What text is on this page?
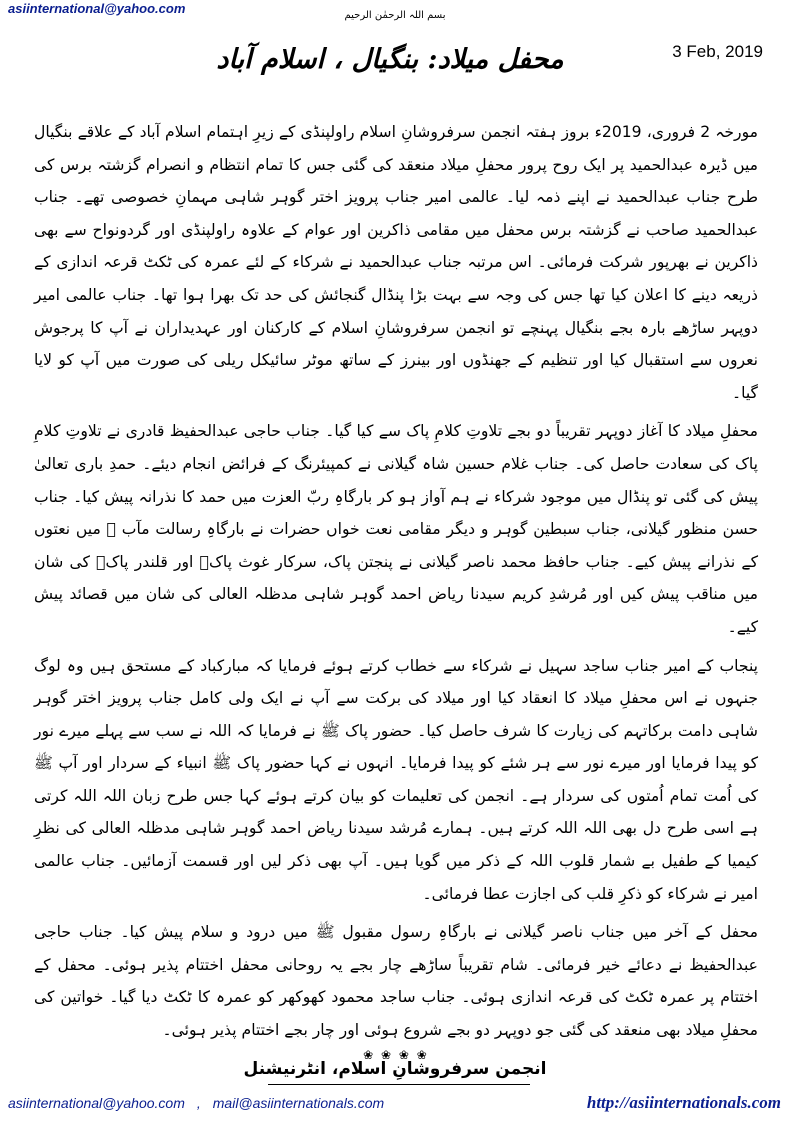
asiinternational@yahoo.com	بسم اللہ الرحمٰن الرحیم
3 Feb, 2019
محفل میلاد: بنگیال ، اسلام آباد

مورخہ 2 فروری، 2019ء بروز ہفتہ انجمن سرفروشانِ اسلام راولپنڈی کے زیرِ اہتمام اسلام آباد کے علاقے بنگیال میں ڈیرہ عبدالحمید پر ایک روح پرور محفلِ میلاد منعقد کی گئی جس کا تمام انتظام و انصرام گزشتہ برس کی طرح جناب عبدالحمید نے اپنے ذمہ لیا۔ عالمی امیر جناب پرویز اختر گوہر شاہی مہمانِ خصوصی تھے۔ جناب عبدالحمید صاحب نے گزشتہ برس محفل میں مقامی ذاکرین اور عوام کے علاوہ راولپنڈی اور گردونواح سے بھی ذاکرین نے بھرپور شرکت فرمائی۔ اس مرتبہ جناب عبدالحمید نے شرکاء کے لئے عمرہ کی ٹکٹ قرعہ اندازی کے ذریعہ دینے کا اعلان کیا تھا جس کی وجہ سے بہت بڑا پنڈال گنجائش کی حد تک بھرا ہوا تھا۔ جناب عالمی امیر دوپہر ساڑھے بارہ بجے بنگیال پہنچے تو انجمن سرفروشانِ اسلام کے کارکنان اور عہدیداران نے آپ کا پرجوش نعروں سے استقبال کیا اور تنظیم کے جھنڈوں اور بینرز کے ساتھ موٹر سائیکل ریلی کی صورت میں آپ کو لایا گیا۔

محفلِ میلاد کا آغاز دوپہر تقریباً دو بجے تلاوتِ کلامِ پاک سے کیا گیا۔ جناب حاجی عبدالحفیظ قادری نے تلاوتِ کلامِ پاک کی سعادت حاصل کی۔ جناب غلام حسین شاہ گیلانی نے کمپیئرنگ کے فرائض انجام دیئے۔ حمدِ باری تعالیٰ پیش کی گئی تو پنڈال میں موجود شرکاء نے ہم آواز ہو کر بارگاہِ ربّ العزت میں حمد کا نذرانہ پیش کیا۔ جناب حسن منظور گیلانی، جناب سبطین گوہر و دیگر مقامی نعت خواں حضرات نے بارگاہِ رسالت مآب ﷺ میں نعتوں کے نذرانے پیش کیے۔ جناب حافظ محمد ناصر گیلانی نے پنجتن پاک، سرکار غوث پاکؓ اور قلندر پاکؒ کی شان میں مناقب پیش کیں اور مُرشدِ کریم سیدنا ریاض احمد گوہر شاہی مدظلہ العالی کی شان میں قصائد پیش کیے۔

پنجاب کے امیر جناب ساجد سہیل نے شرکاء سے خطاب کرتے ہوئے فرمایا کہ مبارکباد کے مستحق ہیں وہ لوگ جنہوں نے اس محفلِ میلاد کا انعقاد کیا اور میلاد کی برکت سے آپ نے ایک ولی کامل جناب پرویز اختر گوہر شاہی دامت برکاتہم کی زیارت کا شرف حاصل کیا۔ حضور پاک ﷺ نے فرمایا کہ اللہ نے سب سے پہلے میرے نور کو پیدا فرمایا اور میرے نور سے ہر شئے کو پیدا فرمایا۔ انہوں نے کہا حضور پاک ﷺ انبیاء کے سردار اور آپ ﷺ کی اُمت تمام اُمتوں کی سردار ہے۔ انجمن کی تعلیمات کو بیان کرتے ہوئے کہا جس طرح زبان اللہ اللہ کرتی ہے اسی طرح دل بھی اللہ اللہ کرتے ہیں۔ ہمارے مُرشد سیدنا ریاض احمد گوہر شاہی مدظلہ العالی کی نظرِ کیمیا کے طفیل بے شمار قلوب اللہ کے ذکر میں گویا ہیں۔ آپ بھی ذکر لیں اور قسمت آزمائیں۔ جناب عالمی امیر نے شرکاء کو ذکرِ قلب کی اجازت عطا فرمائی۔

محفل کے آخر میں جناب ناصر گیلانی نے بارگاہِ رسول مقبول ﷺ میں درود و سلام پیش کیا۔ جناب حاجی عبدالحفیظ نے دعائے خیر فرمائی۔ شام تقریباً ساڑھے چار بجے یہ روحانی محفل اختتام پذیر ہوئی۔ محفل کے اختتام پر عمرہ ٹکٹ کی قرعہ اندازی ہوئی۔ جناب ساجد محمود کھوکھر کو عمرہ کا ٹکٹ دیا گیا۔ خواتین کی محفلِ میلاد بھی منعقد کی گئی جو دوپہر دو بجے شروع ہوئی اور چار بجے اختتام پذیر ہوئی۔

❀ ❀ ❀ ❀
انجمن سرفروشانِ اسلام، انٹرنیشنل
asiinternational@yahoo.com , mail@asiinternationals.com	http://asiinternationals.com
